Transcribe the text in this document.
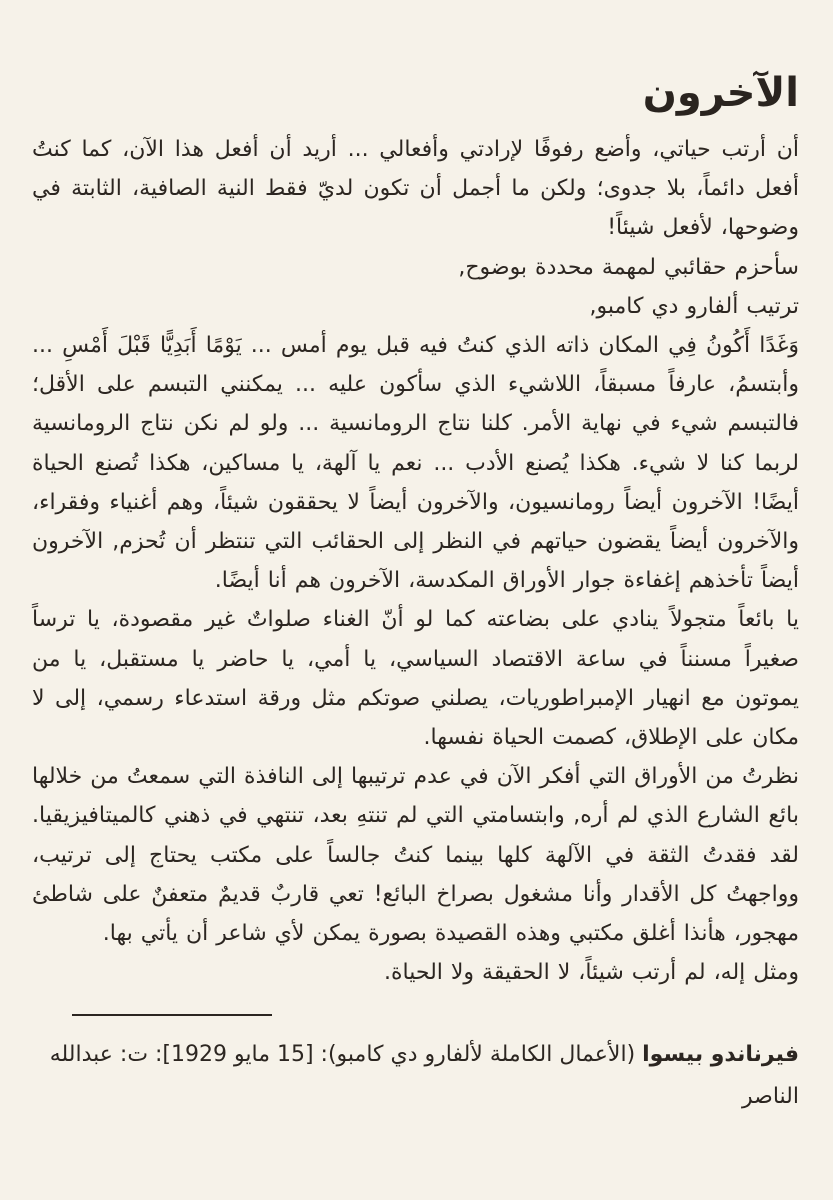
الآخرون

أن أرتب حياتي، وأضع رفوفًا لإرادتي وأفعالي ... أريد أن أفعل هذا الآن، كما كنتُ أفعل دائماً، بلا جدوى؛ ولكن ما أجمل أن تكون لديّ فقط النية الصافية، الثابتة في وضوحها، لأفعل شيئاً!

سأحزم حقائبي لمهمة محددة بوضوح,

ترتيب ألفارو دي كامبو,

وَغَدًا أَكُونُ فِي المكان ذاته الذي كنتُ فيه قبل يوم أمس ... يَوْمًا أَبَدِيًّا قَبْلَ أَمْسِ ... وأبتسمُ، عارفاً مسبقاً، اللاشيء الذي سأكون عليه ... يمكنني التبسم على الأقل؛ فالتبسم شيء في نهاية الأمر. كلنا نتاج الرومانسية ... ولو لم نكن نتاج الرومانسية لربما كنا لا شيء. هكذا يُصنع الأدب ... نعم يا آلهة، يا مساكين، هكذا تُصنع الحياة أيضًا! الآخرون أيضاً رومانسيون، والآخرون أيضاً لا يحققون شيئاً، وهم أغنياء وفقراء، والآخرون أيضاً يقضون حياتهم في النظر إلى الحقائب التي تنتظر أن تُحزم, الآخرون أيضاً تأخذهم إغفاءة جوار الأوراق المكدسة، الآخرون هم أنا أيضًا.

يا بائعاً متجولاً ينادي على بضاعته كما لو أنّ الغناء صلواتٌ غير مقصودة، يا ترساً صغيراً مسنناً في ساعة الاقتصاد السياسي، يا أمي، يا حاضر يا مستقبل، يا من يموتون مع انهيار الإمبراطوريات، يصلني صوتكم مثل ورقة استدعاء رسمي، إلى لا مكان على الإطلاق، كصمت الحياة نفسها.

نظرتُ من الأوراق التي أفكر الآن في عدم ترتيبها إلى النافذة التي سمعتُ من خلالها بائع الشارع الذي لم أره, وابتسامتي التي لم تنتهِ بعد، تنتهي في ذهني كالميتافيزيقيا. لقد فقدتُ الثقة في الآلهة كلها بينما كنتُ جالساً على مكتب يحتاج إلى ترتيب، وواجهتُ كل الأقدار وأنا مشغول بصراخ البائع! تعي قاربٌ قديمٌ متعفنٌ على شاطئ مهجور، هأنذا أغلق مكتبي وهذه القصيدة بصورة يمكن لأي شاعر أن يأتي بها.

ومثل إله، لم أرتب شيئاً، لا الحقيقة ولا الحياة.

فيرناندو بيسوا (الأعمال الكاملة لألفارو دي كامبو): [15 مايو 1929]: ت: عبدالله الناصر
